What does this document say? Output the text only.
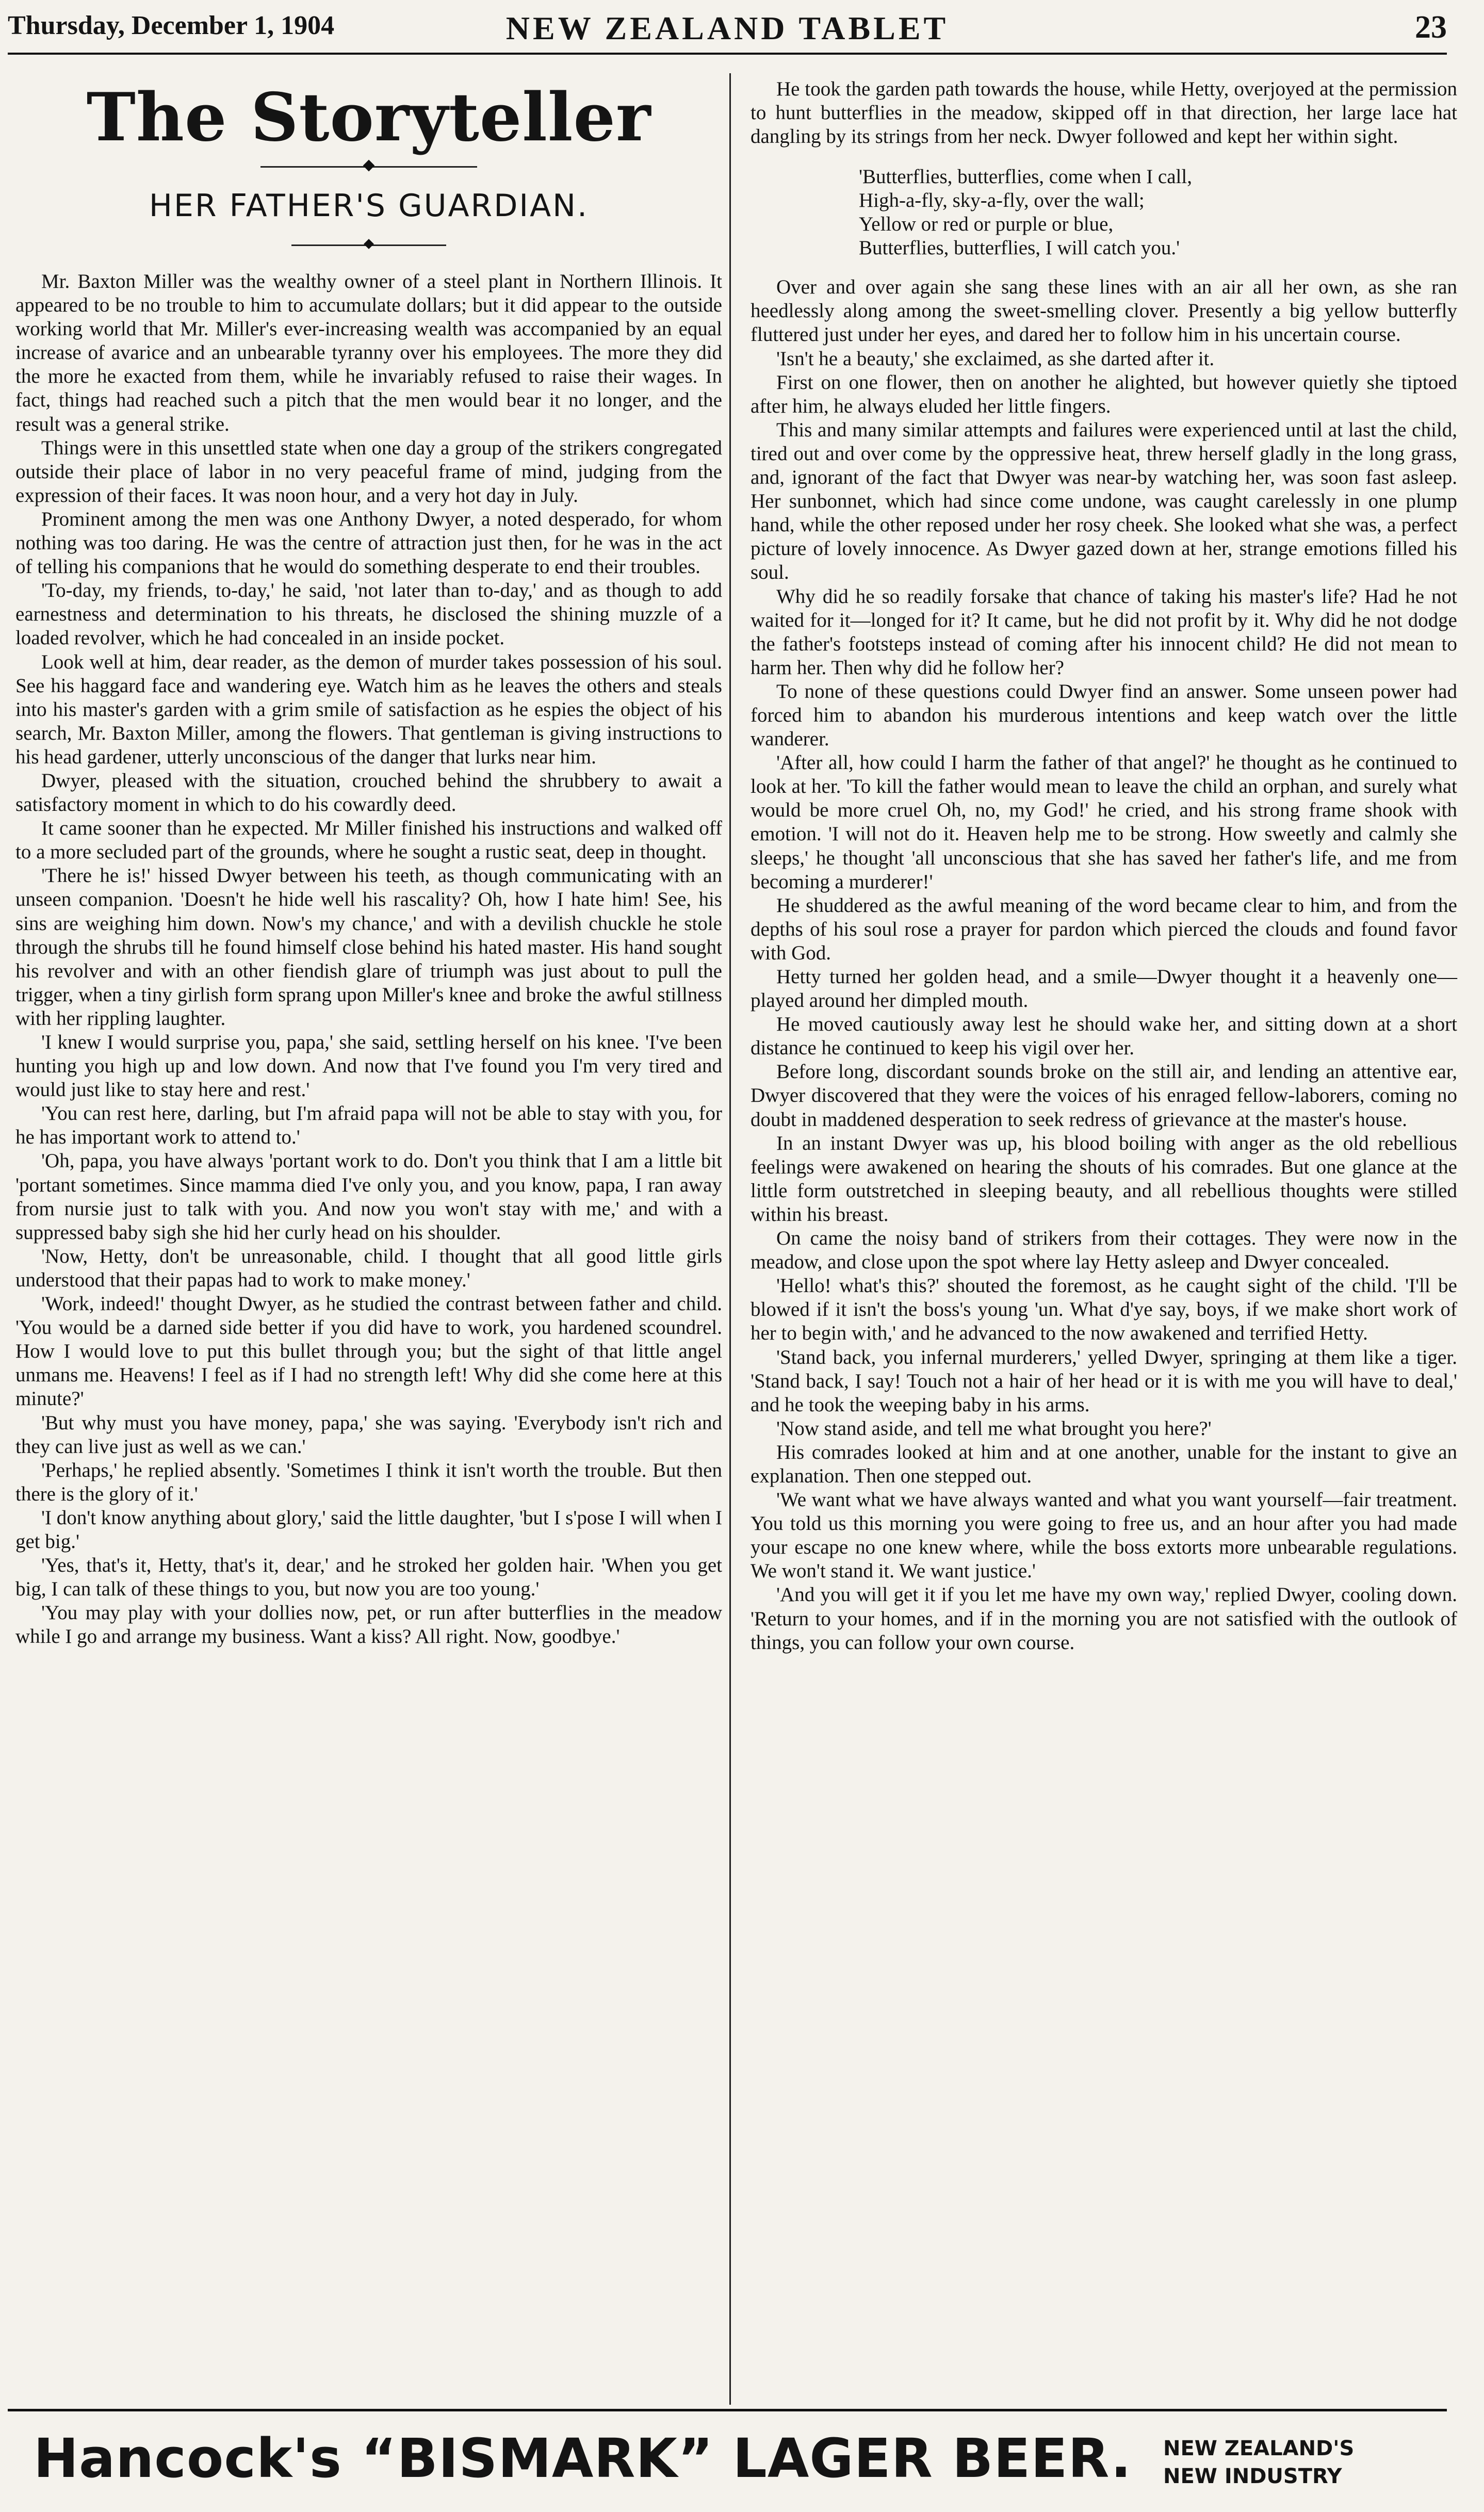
Thursday, December 1, 1904	NEW ZEALAND TABLET	23
The Storyteller
HER FATHER'S GUARDIAN.

Mr. Baxton Miller was the wealthy owner of a steel plant in Northern Illinois. It appeared to be no trouble to him to accumulate dollars; but it did appear to the outside working world that Mr. Miller's ever-increasing wealth was accompanied by an equal increase of avarice and an unbearable tyranny over his employees. The more they did the more he exacted from them, while he invariably refused to raise their wages. In fact, things had reached such a pitch that the men would bear it no longer, and the result was a general strike.

Things were in this unsettled state when one day a group of the strikers congregated outside their place of labor in no very peaceful frame of mind, judging from the expression of their faces. It was noon hour, and a very hot day in July.

Prominent among the men was one Anthony Dwyer, a noted desperado, for whom nothing was too daring. He was the centre of attraction just then, for he was in the act of telling his companions that he would do something desperate to end their troubles.

'To-day, my friends, to-day,' he said, 'not later than to-day,' and as though to add earnestness and determination to his threats, he disclosed the shining muzzle of a loaded revolver, which he had concealed in an inside pocket.

Look well at him, dear reader, as the demon of murder takes possession of his soul. See his haggard face and wandering eye. Watch him as he leaves the others and steals into his master's garden with a grim smile of satisfaction as he espies the object of his search, Mr. Baxton Miller, among the flowers. That gentleman is giving instructions to his head gardener, utterly unconscious of the danger that lurks near him.

Dwyer, pleased with the situation, crouched behind the shrubbery to await a satisfactory moment in which to do his cowardly deed.

It came sooner than he expected. Mr Miller finished his instructions and walked off to a more secluded part of the grounds, where he sought a rustic seat, deep in thought.

'There he is!' hissed Dwyer between his teeth, as though communicating with an unseen companion. 'Doesn't he hide well his rascality? Oh, how I hate him! See, his sins are weighing him down. Now's my chance,' and with a devilish chuckle he stole through the shrubs till he found himself close behind his hated master. His hand sought his revolver and with an other fiendish glare of triumph was just about to pull the trigger, when a tiny girlish form sprang upon Miller's knee and broke the awful stillness with her rippling laughter.

'I knew I would surprise you, papa,' she said, settling herself on his knee. 'I've been hunting you high up and low down. And now that I've found you I'm very tired and would just like to stay here and rest.'

'You can rest here, darling, but I'm afraid papa will not be able to stay with you, for he has important work to attend to.'

'Oh, papa, you have always 'portant work to do. Don't you think that I am a little bit 'portant sometimes. Since mamma died I've only you, and you know, papa, I ran away from nursie just to talk with you. And now you won't stay with me,' and with a suppressed baby sigh she hid her curly head on his shoulder.

'Now, Hetty, don't be unreasonable, child. I thought that all good little girls understood that their papas had to work to make money.'

'Work, indeed!' thought Dwyer, as he studied the contrast between father and child. 'You would be a darned side better if you did have to work, you hardened scoundrel. How I would love to put this bullet through you; but the sight of that little angel unmans me. Heavens! I feel as if I had no strength left! Why did she come here at this minute?'

'But why must you have money, papa,' she was saying. 'Everybody isn't rich and they can live just as well as we can.'

'Perhaps,' he replied absently. 'Sometimes I think it isn't worth the trouble. But then there is the glory of it.'

'I don't know anything about glory,' said the little daughter, 'but I s'pose I will when I get big.'

'Yes, that's it, Hetty, that's it, dear,' and he stroked her golden hair. 'When you get big, I can talk of these things to you, but now you are too young.'

'You may play with your dollies now, pet, or run after butterflies in the meadow while I go and arrange my business. Want a kiss? All right. Now, goodbye.'

He took the garden path towards the house, while Hetty, overjoyed at the permission to hunt butterflies in the meadow, skipped off in that direction, her large lace hat dangling by its strings from her neck. Dwyer followed and kept her within sight.

'Butterflies, butterflies, come when I call,
High-a-fly, sky-a-fly, over the wall;
Yellow or red or purple or blue,
Butterflies, butterflies, I will catch you.'

Over and over again she sang these lines with an air all her own, as she ran heedlessly along among the sweet-smelling clover. Presently a big yellow butterfly fluttered just under her eyes, and dared her to follow him in his uncertain course.

'Isn't he a beauty,' she exclaimed, as she darted after it.

First on one flower, then on another he alighted, but however quietly she tiptoed after him, he always eluded her little fingers.

This and many similar attempts and failures were experienced until at last the child, tired out and over come by the oppressive heat, threw herself gladly in the long grass, and, ignorant of the fact that Dwyer was near-by watching her, was soon fast asleep. Her sunbonnet, which had since come undone, was caught carelessly in one plump hand, while the other reposed under her rosy cheek. She looked what she was, a perfect picture of lovely innocence. As Dwyer gazed down at her, strange emotions filled his soul.

Why did he so readily forsake that chance of taking his master's life? Had he not waited for it—longed for it? It came, but he did not profit by it. Why did he not dodge the father's footsteps instead of coming after his innocent child? He did not mean to harm her. Then why did he follow her?

To none of these questions could Dwyer find an answer. Some unseen power had forced him to abandon his murderous intentions and keep watch over the little wanderer.

'After all, how could I harm the father of that angel?' he thought as he continued to look at her. 'To kill the father would mean to leave the child an orphan, and surely what would be more cruel Oh, no, my God!' he cried, and his strong frame shook with emotion. 'I will not do it. Heaven help me to be strong. How sweetly and calmly she sleeps,' he thought 'all unconscious that she has saved her father's life, and me from becoming a murderer!'

He shuddered as the awful meaning of the word became clear to him, and from the depths of his soul rose a prayer for pardon which pierced the clouds and found favor with God.

Hetty turned her golden head, and a smile—Dwyer thought it a heavenly one—played around her dimpled mouth.

He moved cautiously away lest he should wake her, and sitting down at a short distance he continued to keep his vigil over her.

Before long, discordant sounds broke on the still air, and lending an attentive ear, Dwyer discovered that they were the voices of his enraged fellow-laborers, coming no doubt in maddened desperation to seek redress of grievance at the master's house.

In an instant Dwyer was up, his blood boiling with anger as the old rebellious feelings were awakened on hearing the shouts of his comrades. But one glance at the little form outstretched in sleeping beauty, and all rebellious thoughts were stilled within his breast.

On came the noisy band of strikers from their cottages. They were now in the meadow, and close upon the spot where lay Hetty asleep and Dwyer concealed.

'Hello! what's this?' shouted the foremost, as he caught sight of the child. 'I'll be blowed if it isn't the boss's young 'un. What d'ye say, boys, if we make short work of her to begin with,' and he advanced to the now awakened and terrified Hetty.

'Stand back, you infernal murderers,' yelled Dwyer, springing at them like a tiger. 'Stand back, I say! Touch not a hair of her head or it is with me you will have to deal,' and he took the weeping baby in his arms.

'Now stand aside, and tell me what brought you here?'

His comrades looked at him and at one another, unable for the instant to give an explanation. Then one stepped out.

'We want what we have always wanted and what you want yourself—fair treatment. You told us this morning you were going to free us, and an hour after you had made your escape no one knew where, while the boss extorts more unbearable regulations. We won't stand it. We want justice.'

'And you will get it if you let me have my own way,' replied Dwyer, cooling down. 'Return to your homes, and if in the morning you are not satisfied with the outlook of things, you can follow your own course.

Hancock's “BISMARK” LAGER BEER. NEW ZEALAND'S
NEW INDUSTRY
